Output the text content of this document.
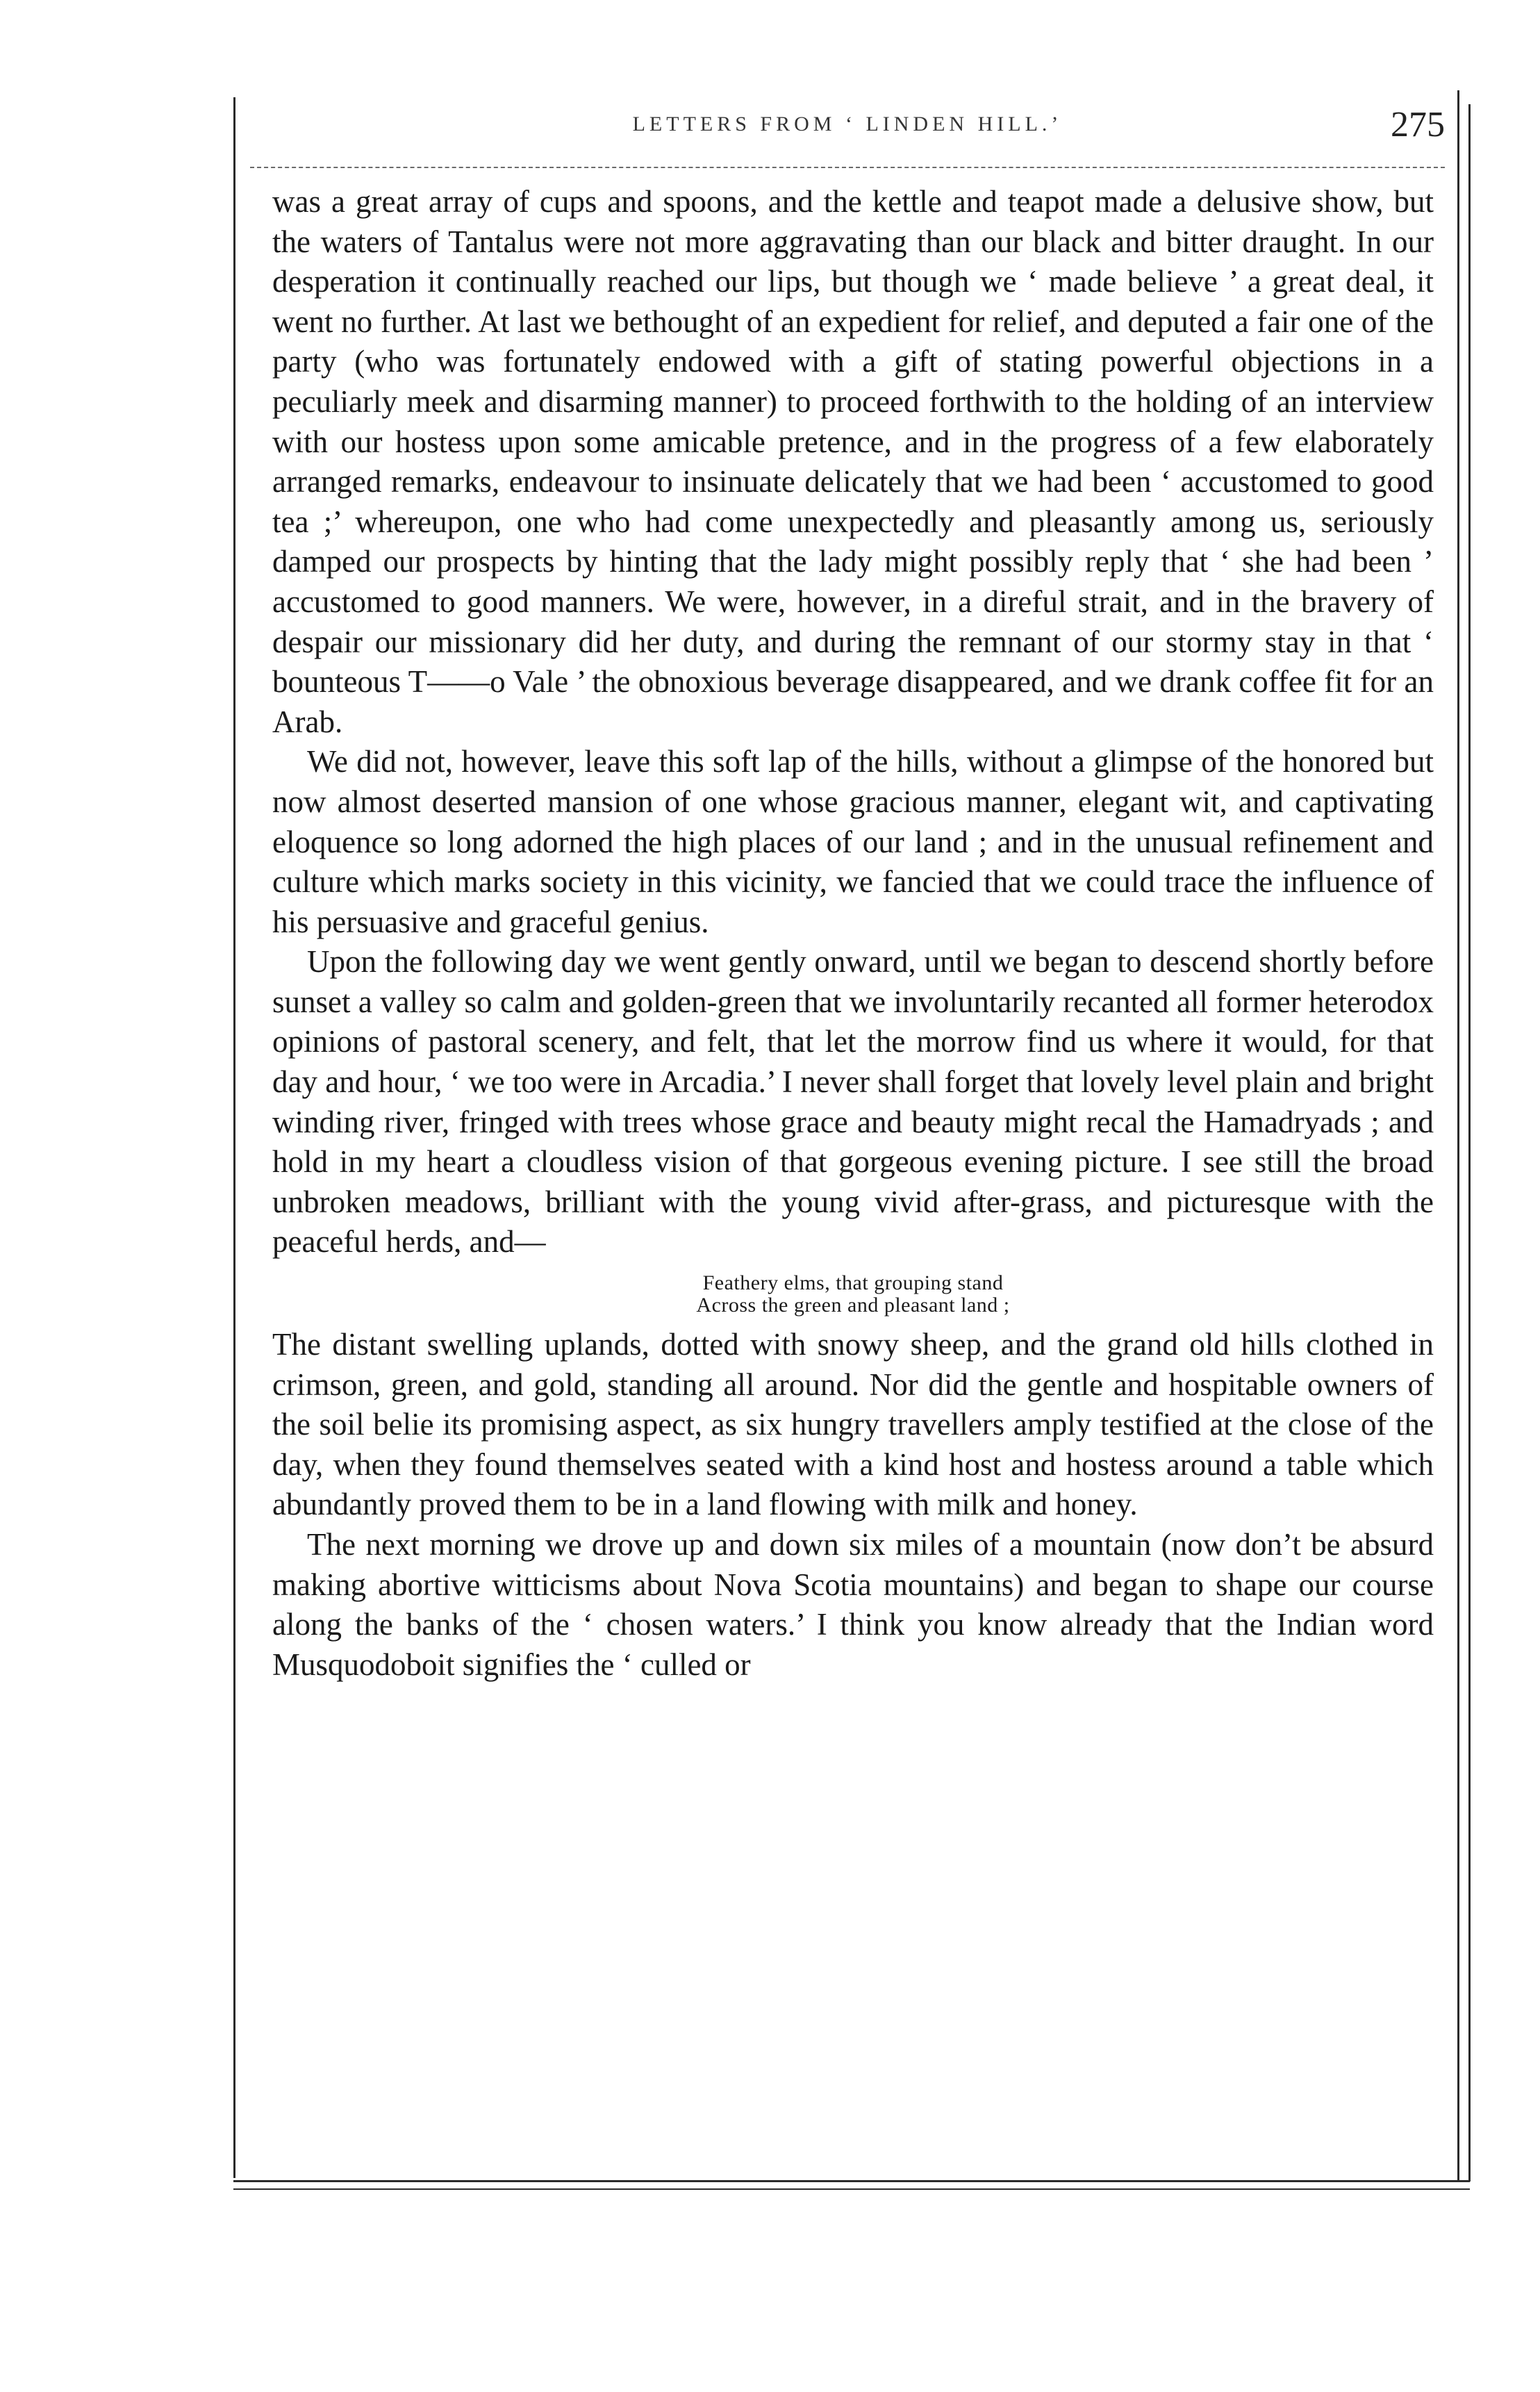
LETTERS FROM ‘ LINDEN HILL.’	275

was a great array of cups and spoons, and the kettle and teapot made a delusive show, but the waters of Tantalus were not more aggravating than our black and bitter draught. In our desperation it continually reached our lips, but though we ‘ made believe ’ a great deal, it went no further. At last we bethought of an expedient for relief, and deputed a fair one of the party (who was fortunately endowed with a gift of stating powerful objections in a peculiarly meek and disarming manner) to proceed forthwith to the holding of an interview with our hostess upon some amicable pretence, and in the progress of a few elaborately arranged remarks, endeavour to insinuate delicately that we had been ‘ accustomed to good tea ;’ whereupon, one who had come unexpectedly and pleasantly among us, seriously damped our prospects by hinting that the lady might possibly reply that ‘ she had been ’ accustomed to good manners. We were, however, in a direful strait, and in the bravery of despair our missionary did her duty, and during the remnant of our stormy stay in that ‘ bounteous T——o Vale ’ the obnoxious beverage disappeared, and we drank coffee fit for an Arab.

We did not, however, leave this soft lap of the hills, without a glimpse of the honored but now almost deserted mansion of one whose gracious manner, elegant wit, and captivating eloquence so long adorned the high places of our land ; and in the unusual refinement and culture which marks society in this vicinity, we fancied that we could trace the influence of his persuasive and graceful genius.

Upon the following day we went gently onward, until we began to descend shortly before sunset a valley so calm and golden-green that we involuntarily recanted all former heterodox opinions of pastoral scenery, and felt, that let the morrow find us where it would, for that day and hour, ‘ we too were in Arcadia.’ I never shall forget that lovely level plain and bright winding river, fringed with trees whose grace and beauty might recal the Hamadryads ; and hold in my heart a cloudless vision of that gorgeous evening picture. I see still the broad unbroken meadows, brilliant with the young vivid after-grass, and picturesque with the peaceful herds, and—

Feathery elms, that grouping stand
Across the green and pleasant land ;

The distant swelling uplands, dotted with snowy sheep, and the grand old hills clothed in crimson, green, and gold, standing all around. Nor did the gentle and hospitable owners of the soil belie its promising aspect, as six hungry travellers amply testified at the close of the day, when they found themselves seated with a kind host and hostess around a table which abundantly proved them to be in a land flowing with milk and honey.

The next morning we drove up and down six miles of a mountain (now don’t be absurd making abortive witticisms about Nova Scotia mountains) and began to shape our course along the banks of the ‘ chosen waters.’ I think you know already that the Indian word Musquodoboit signifies the ‘ culled or
